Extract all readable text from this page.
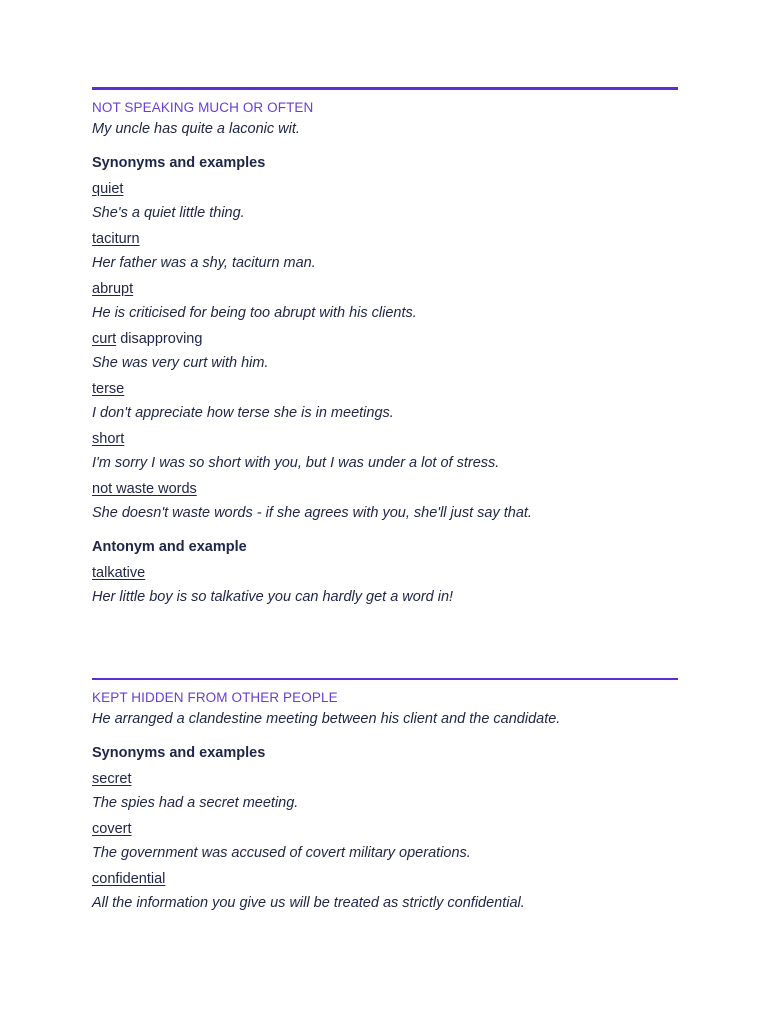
NOT SPEAKING MUCH OR OFTEN
My uncle has quite a laconic wit.
Synonyms and examples
quiet
She's a quiet little thing.
taciturn
Her father was a shy, taciturn man.
abrupt
He is criticised for being too abrupt with his clients.
curt disapproving
She was very curt with him.
terse
I don't appreciate how terse she is in meetings.
short
I'm sorry I was so short with you, but I was under a lot of stress.
not waste words
She doesn't waste words - if she agrees with you, she'll just say that.
Antonym and example
talkative
Her little boy is so talkative you can hardly get a word in!
KEPT HIDDEN FROM OTHER PEOPLE
He arranged a clandestine meeting between his client and the candidate.
Synonyms and examples
secret
The spies had a secret meeting.
covert
The government was accused of covert military operations.
confidential
All the information you give us will be treated as strictly confidential.
